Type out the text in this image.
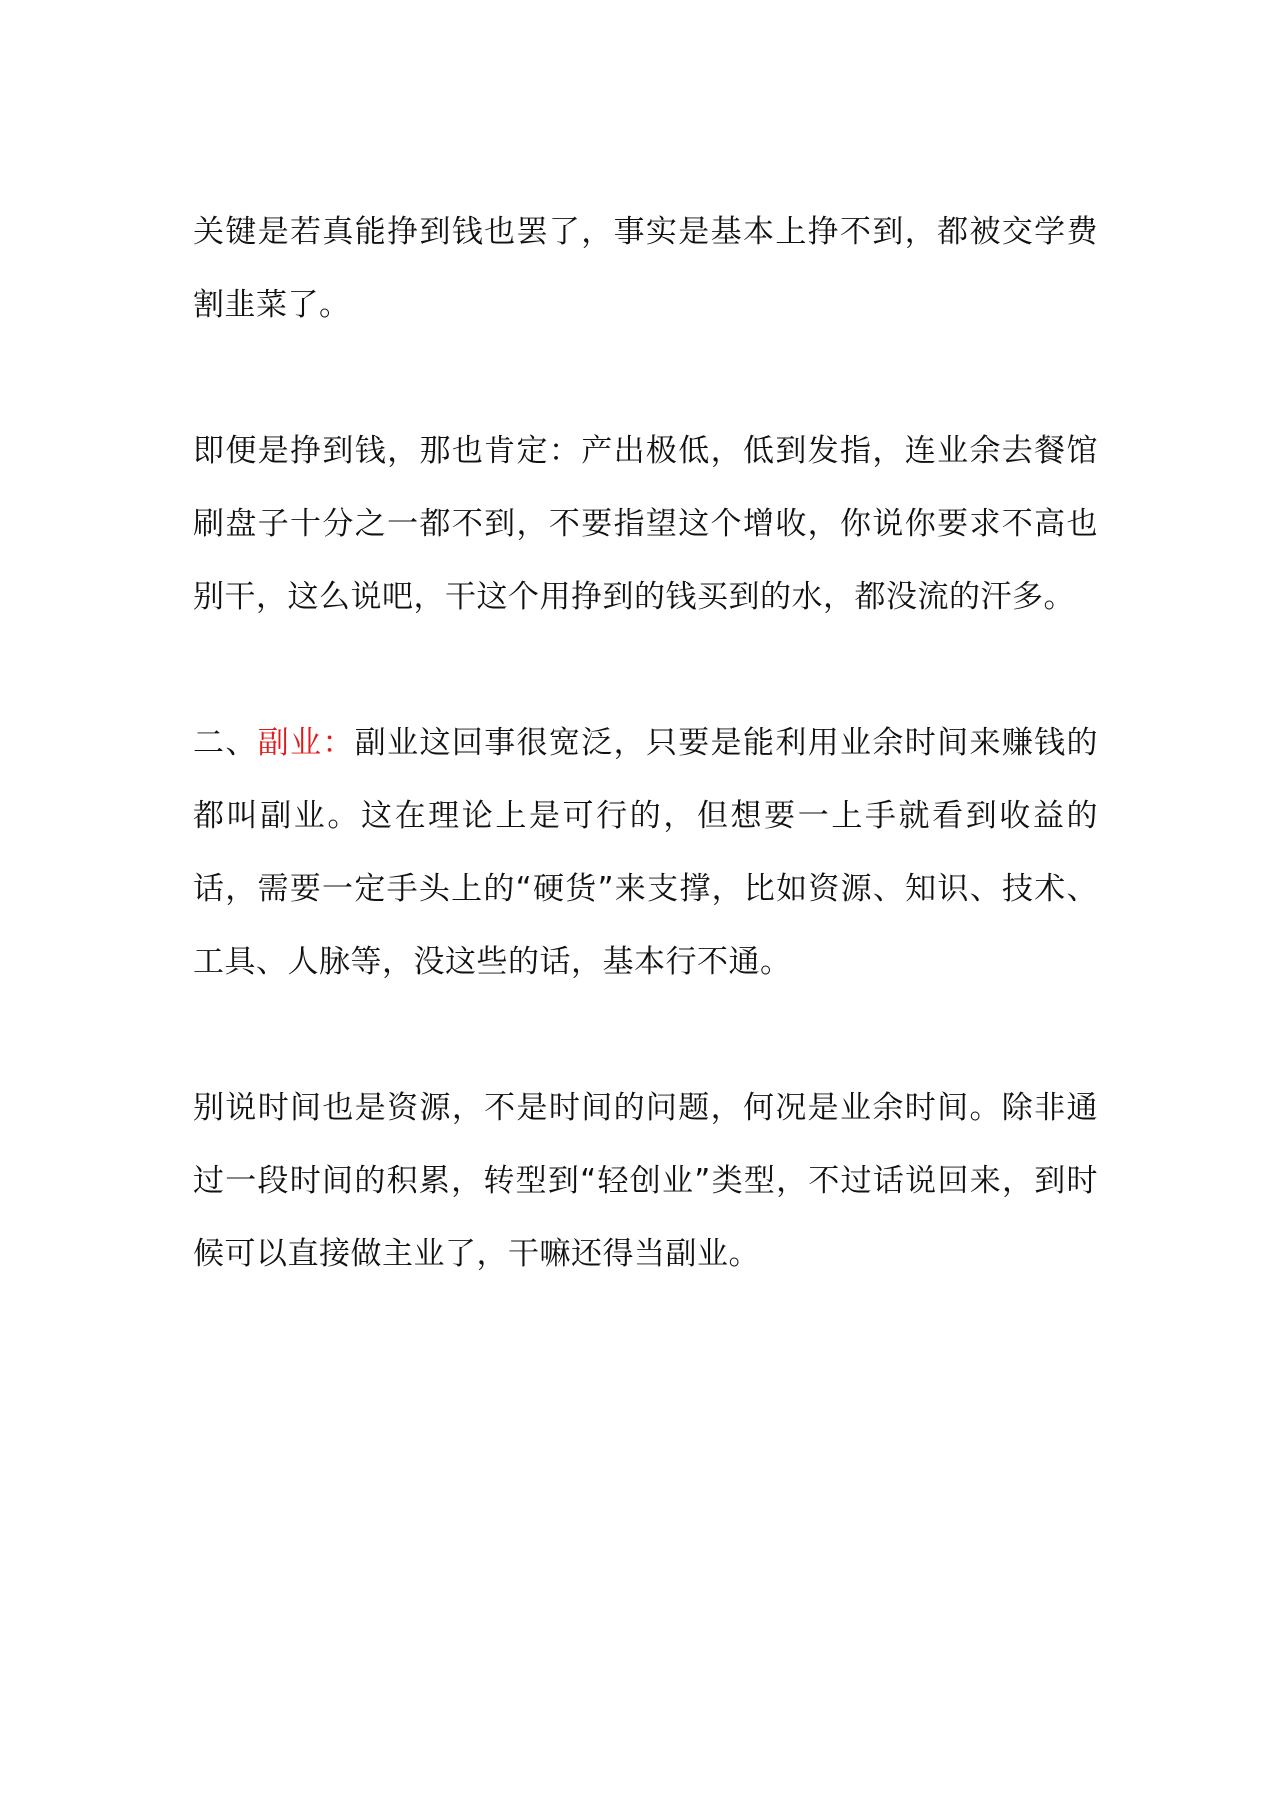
关键是若真能挣到钱也罢了，事实是基本上挣不到，都被交学费割韭菜了。

即便是挣到钱，那也肯定：产出极低，低到发指，连业余去餐馆刷盘子十分之一都不到，不要指望这个增收，你说你要求不高也别干，这么说吧，干这个用挣到的钱买到的水，都没流的汗多。

二、副业：副业这回事很宽泛，只要是能利用业余时间来赚钱的都叫副业。这在理论上是可行的，但想要一上手就看到收益的话，需要一定手头上的“硬货”来支撑，比如资源、知识、技术、工具、人脉等，没这些的话，基本行不通。

别说时间也是资源，不是时间的问题，何况是业余时间。除非通过一段时间的积累，转型到“轻创业”类型，不过话说回来，到时候可以直接做主业了，干嘛还得当副业。
